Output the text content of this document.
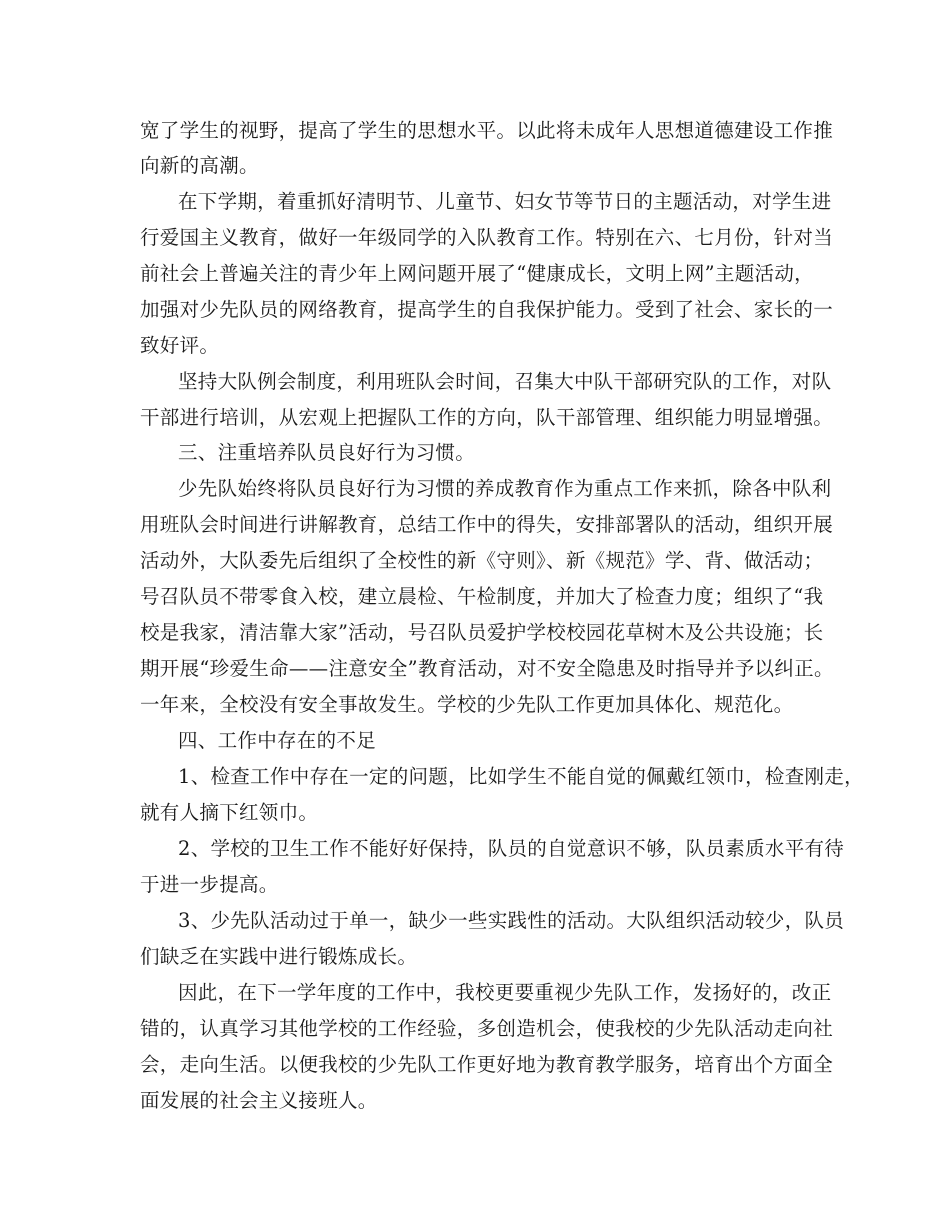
宽了学生的视野，提高了学生的思想水平。以此将未成年人思想道德建设工作推
向新的高潮。
在下学期，着重抓好清明节、儿童节、妇女节等节日的主题活动，对学生进
行爱国主义教育，做好一年级同学的入队教育工作。特别在六、七月份，针对当
前社会上普遍关注的青少年上网问题开展了“健康成长，文明上网”主题活动，
加强对少先队员的网络教育，提高学生的自我保护能力。受到了社会、家长的一
致好评。
坚持大队例会制度，利用班队会时间，召集大中队干部研究队的工作，对队
干部进行培训，从宏观上把握队工作的方向，队干部管理、组织能力明显增强。
三、注重培养队员良好行为习惯。
少先队始终将队员良好行为习惯的养成教育作为重点工作来抓，除各中队利
用班队会时间进行讲解教育，总结工作中的得失，安排部署队的活动，组织开展
活动外，大队委先后组织了全校性的新《守则》、新《规范》学、背、做活动；
号召队员不带零食入校，建立晨检、午检制度，并加大了检查力度；组织了“我
校是我家，清洁靠大家”活动，号召队员爱护学校校园花草树木及公共设施；长
期开展“珍爱生命——注意安全”教育活动，对不安全隐患及时指导并予以纠正。
一年来，全校没有安全事故发生。学校的少先队工作更加具体化、规范化。
四、工作中存在的不足
1、检查工作中存在一定的问题，比如学生不能自觉的佩戴红领巾，检查刚走，
就有人摘下红领巾。
2、学校的卫生工作不能好好保持，队员的自觉意识不够，队员素质水平有待
于进一步提高。
3、少先队活动过于单一，缺少一些实践性的活动。大队组织活动较少，队员
们缺乏在实践中进行锻炼成长。
因此，在下一学年度的工作中，我校更要重视少先队工作，发扬好的，改正
错的，认真学习其他学校的工作经验，多创造机会，使我校的少先队活动走向社
会，走向生活。以便我校的少先队工作更好地为教育教学服务，培育出个方面全
面发展的社会主义接班人。
